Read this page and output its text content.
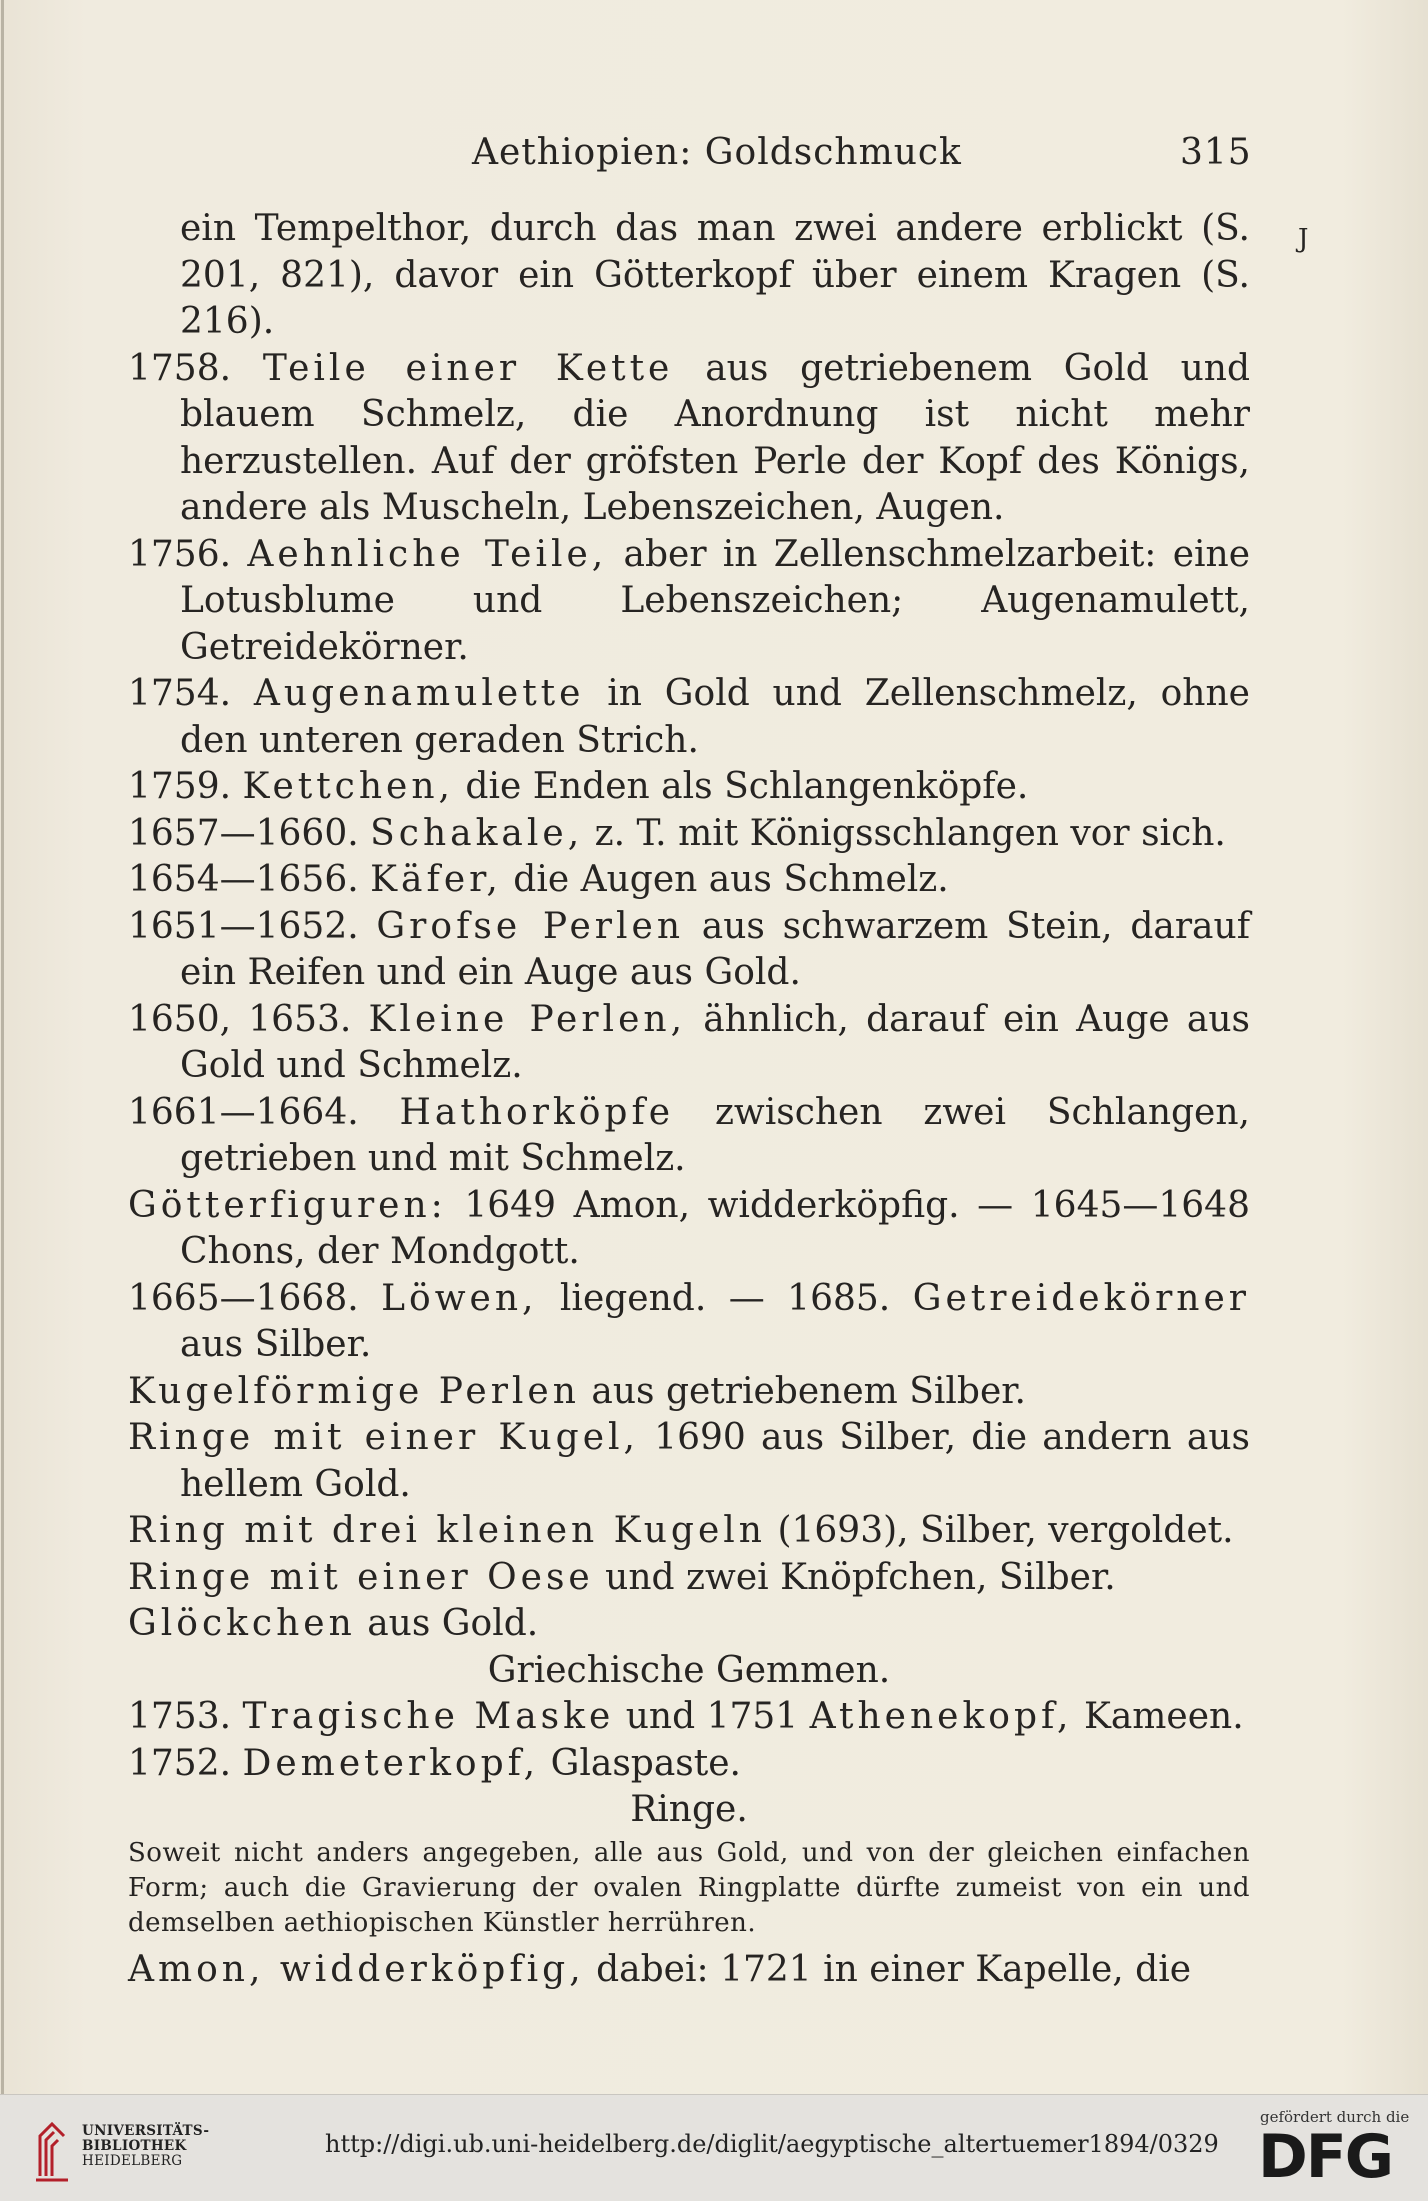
Aethiopien: Goldschmuck	315
J
ein Tempelthor, durch das man zwei andere erblickt (S. 201, 821), davor ein Götterkopf über einem Kragen (S. 216).
1758. Teile einer Kette aus getriebenem Gold und blauem Schmelz, die Anordnung ist nicht mehr herzustellen. Auf der gröfsten Perle der Kopf des Königs, andere als Muscheln, Lebenszeichen, Augen.
1756. Aehnliche Teile, aber in Zellenschmelzarbeit: eine Lotusblume und Lebenszeichen; Augenamulett, Getreidekörner.
1754. Augenamulette in Gold und Zellenschmelz, ohne den unteren geraden Strich.
1759. Kettchen, die Enden als Schlangenköpfe.
1657—1660. Schakale, z. T. mit Königsschlangen vor sich.
1654—1656. Käfer, die Augen aus Schmelz.
1651—1652. Grofse Perlen aus schwarzem Stein, darauf ein Reifen und ein Auge aus Gold.
1650, 1653. Kleine Perlen, ähnlich, darauf ein Auge aus Gold und Schmelz.
1661—1664. Hathorköpfe zwischen zwei Schlangen, getrieben und mit Schmelz.
Götterfiguren: 1649 Amon, widderköpfig. — 1645—1648 Chons, der Mondgott.
1665—1668. Löwen, liegend. — 1685. Getreidekörner aus Silber.
Kugelförmige Perlen aus getriebenem Silber.
Ringe mit einer Kugel, 1690 aus Silber, die andern aus hellem Gold.
Ring mit drei kleinen Kugeln (1693), Silber, vergoldet.
Ringe mit einer Oese und zwei Knöpfchen, Silber.
Glöckchen aus Gold.
Griechische Gemmen.
1753. Tragische Maske und 1751 Athenekopf, Kameen.
1752. Demeterkopf, Glaspaste.
Ringe.
Soweit nicht anders angegeben, alle aus Gold, und von der gleichen einfachen Form; auch die Gravierung der ovalen Ringplatte dürfte zumeist von ein und demselben aethiopischen Künstler herrühren.
Amon, widderköpfig, dabei: 1721 in einer Kapelle, die
UNIVERSITÄTS-
BIBLIOTHEK
HEIDELBERG
http://digi.ub.uni-heidelberg.de/diglit/aegyptische_altertuemer1894/0329
gefördert durch die
DFG
